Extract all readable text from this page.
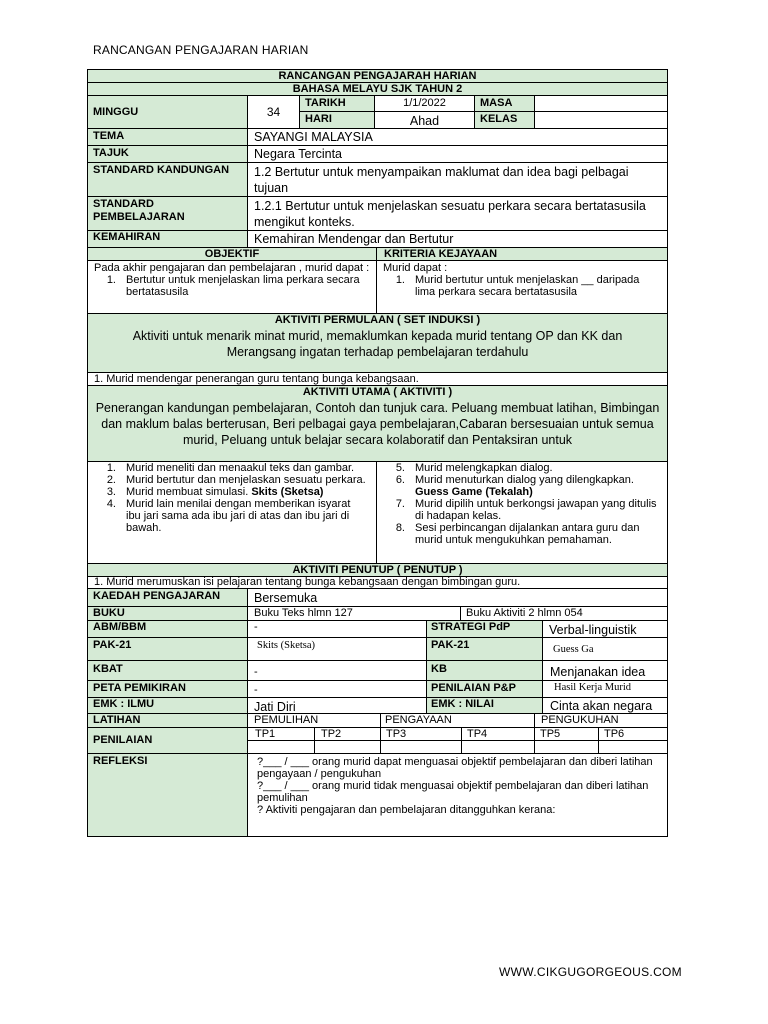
RANCANGAN PENGAJARAN HARIAN
RANCANGAN PENGAJARAH HARIAN
BAHASA MELAYU SJK TAHUN 2
MINGGU	34
TARIKH	1/1/2022	MASA
HARI	Ahad	KELAS
TEMA	SAYANGI MALAYSIA
TAJUK	Negara Tercinta
STANDARD KANDUNGAN	1.2 Bertutur untuk menyampaikan maklumat dan idea bagi pelbagai tujuan
STANDARD PEMBELAJARAN
1.2.1 Bertutur untuk menjelaskan sesuatu perkara secara bertatasusila mengikut konteks.
KEMAHIRAN	Kemahiran Mendengar dan Bertutur
OBJEKTIF	KRITERIA KEJAYAAN
Pada akhir pengajaran dan pembelajaran , murid dapat :
1. Bertutur untuk menjelaskan lima perkara secara bertatasusila
Murid dapat :
1. Murid bertutur untuk menjelaskan __ daripada lima perkara secara bertatasusila
AKTIVITI PERMULAAN ( SET INDUKSI )
Aktiviti untuk menarik minat murid, memaklumkan kepada murid tentang OP dan KK dan Merangsang ingatan terhadap pembelajaran terdahulu
1. Murid mendengar penerangan guru tentang bunga kebangsaan.
AKTIVITI UTAMA ( AKTIVITI )
Penerangan kandungan pembelajaran, Contoh dan tunjuk cara. Peluang membuat latihan, Bimbingan dan maklum balas berterusan, Beri pelbagai gaya pembelajaran,Cabaran bersesuaian untuk semua murid, Peluang untuk belajar secara kolaboratif dan Pentaksiran untuk
1. Murid meneliti dan menaakul teks dan gambar.
2. Murid bertutur dan menjelaskan sesuatu perkara.
3. Murid membuat simulasi. Skits (Sketsa)
4. Murid lain menilai dengan memberikan isyarat ibu jari sama ada ibu jari di atas dan ibu jari di bawah.
5. Murid melengkapkan dialog.
6. Murid menuturkan dialog yang dilengkapkan. Guess Game (Tekalah)
7. Murid dipilih untuk berkongsi jawapan yang ditulis di hadapan kelas.
8. Sesi perbincangan dijalankan antara guru dan murid untuk mengukuhkan pemahaman.
AKTIVITI PENUTUP ( PENUTUP )
1. Murid merumuskan isi pelajaran tentang bunga kebangsaan dengan bimbingan guru.
KAEDAH PENGAJARAN	Bersemuka
BUKU	Buku Teks hlmn 127	Buku Aktiviti 2 hlmn 054
ABM/BBM	-	STRATEGI PdP	Verbal-linguistik
PAK-21	Skits (Sketsa)	PAK-21	Guess Ga
KBAT	-	KB	Menjanakan idea
PETA PEMIKIRAN	-	PENILAIAN P&P	Hasil Kerja Murid
EMK : ILMU	Jati Diri	EMK : NILAI	Cinta akan negara
LATIHAN	PEMULIHAN	PENGAYAAN	PENGUKUHAN
PENILAIAN	TP1	TP2	TP3	TP4	TP5	TP6
REFLEKSI	?___ / ___ orang murid dapat menguasai objektif pembelajaran dan diberi latihan pengayaan / pengukuhan
?___ / ___ orang murid tidak menguasai objektif pembelajaran dan diberi latihan pemulihan
? Aktiviti pengajaran dan pembelajaran ditangguhkan kerana:
WWW.CIKGUGORGEOUS.COM
